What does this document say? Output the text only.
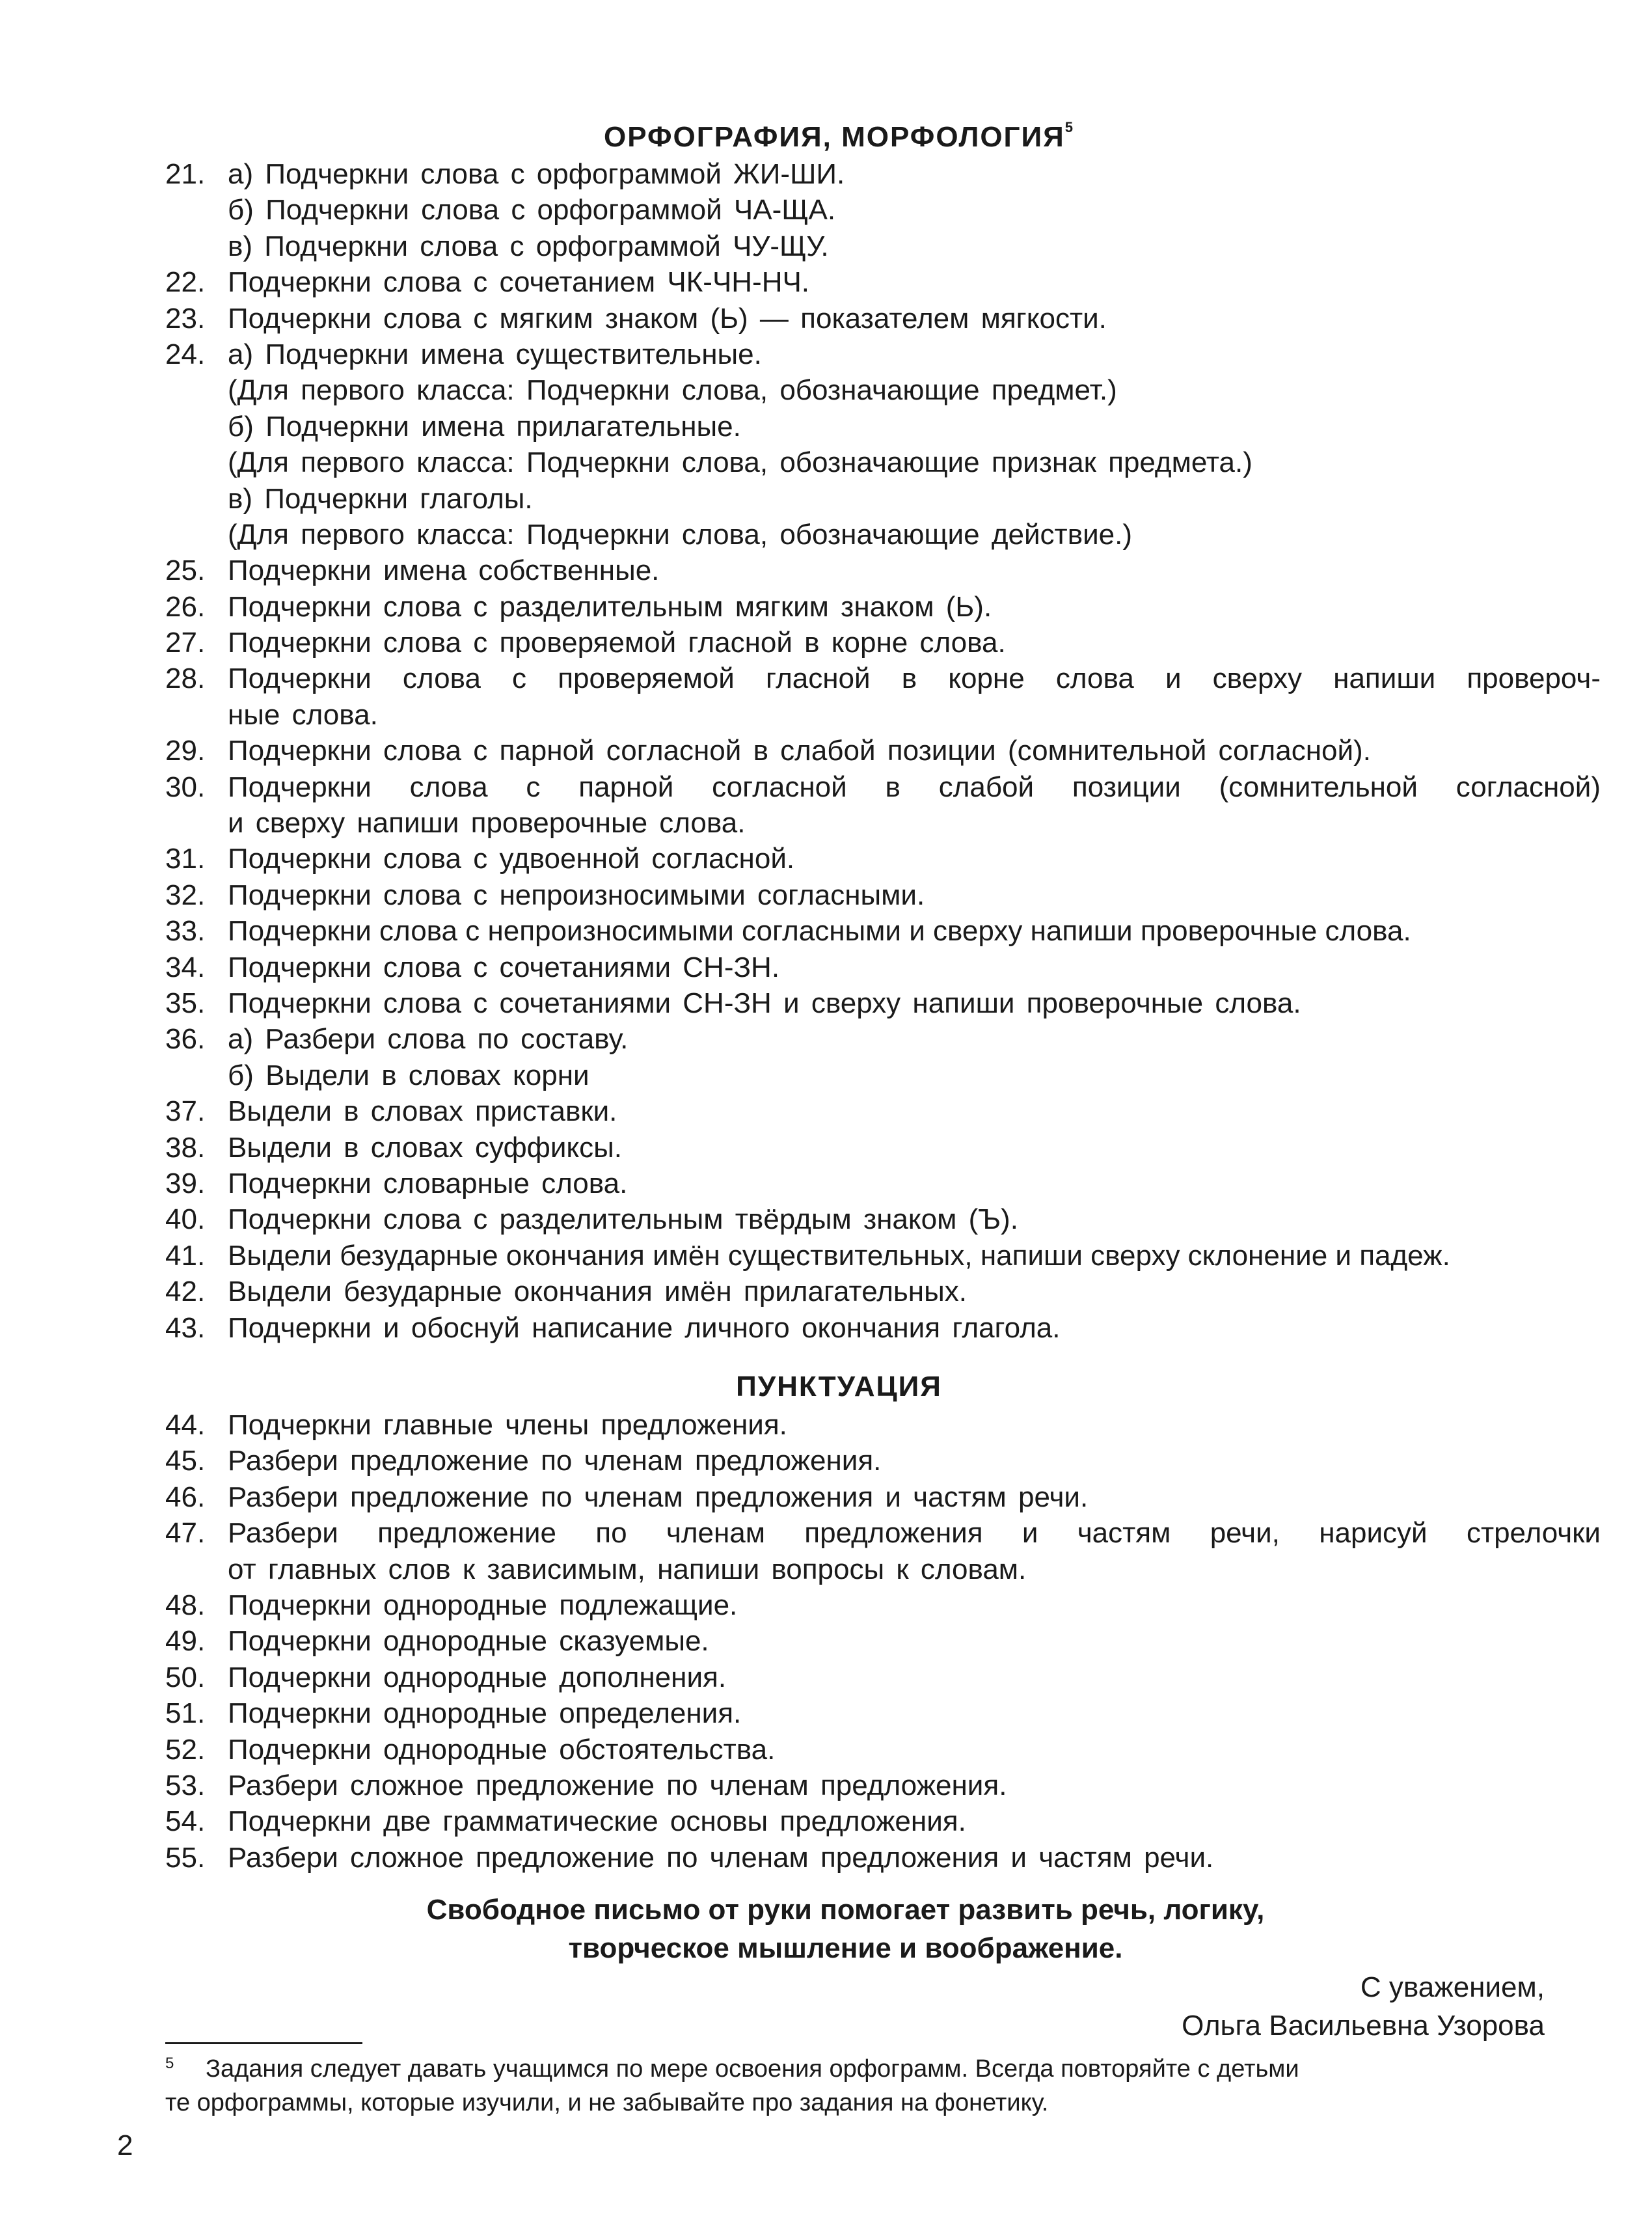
ОРФОГРАФИЯ, МОРФОЛОГИЯ$^5$
21. а) Подчеркни слова с орфограммой ЖИ-ШИ.
б) Подчеркни слова с орфограммой ЧА-ЩА.
в) Подчеркни слова с орфограммой ЧУ-ЩУ.
22. Подчеркни слова с сочетанием ЧК-ЧН-НЧ.
23. Подчеркни слова с мягким знаком (Ь) — показателем мягкости.
24. а) Подчеркни имена существительные.
(Для первого класса: Подчеркни слова, обозначающие предмет.)
б) Подчеркни имена прилагательные.
(Для первого класса: Подчеркни слова, обозначающие признак предмета.)
в) Подчеркни глаголы.
(Для первого класса: Подчеркни слова, обозначающие действие.)
25. Подчеркни имена собственные.
26. Подчеркни слова с разделительным мягким знаком (Ь).
27. Подчеркни слова с проверяемой гласной в корне слова.
28. Подчеркни слова с проверяемой гласной в корне слова и сверху напиши провероч-
ные слова.
29. Подчеркни слова с парной согласной в слабой позиции (сомнительной согласной).
30. Подчеркни слова с парной согласной в слабой позиции (сомнительной согласной)
и сверху напиши проверочные слова.
31. Подчеркни слова с удвоенной согласной.
32. Подчеркни слова с непроизносимыми согласными.
33. Подчеркни слова с непроизносимыми согласными и сверху напиши проверочные слова.
34. Подчеркни слова с сочетаниями СН-ЗН.
35. Подчеркни слова с сочетаниями СН-ЗН и сверху напиши проверочные слова.
36. а) Разбери слова по составу.
б) Выдели в словах корни
37. Выдели в словах приставки.
38. Выдели в словах суффиксы.
39. Подчеркни словарные слова.
40. Подчеркни слова с разделительным твёрдым знаком (Ъ).
41. Выдели безударные окончания имён существительных, напиши сверху склонение и падеж.
42. Выдели безударные окончания имён прилагательных.
43. Подчеркни и обоснуй написание личного окончания глагола.
ПУНКТУАЦИЯ
44. Подчеркни главные члены предложения.
45. Разбери предложение по членам предложения.
46. Разбери предложение по членам предложения и частям речи.
47. Разбери предложение по членам предложения и частям речи, нарисуй стрелочки
от главных слов к зависимым, напиши вопросы к словам.
48. Подчеркни однородные подлежащие.
49. Подчеркни однородные сказуемые.
50. Подчеркни однородные дополнения.
51. Подчеркни однородные определения.
52. Подчеркни однородные обстоятельства.
53. Разбери сложное предложение по членам предложения.
54. Подчеркни две грамматические основы предложения.
55. Разбери сложное предложение по членам предложения и частям речи.
Свободное письмо от руки помогает развить речь, логику,
творческое мышление и воображение.
С уважением,
Ольга Васильевна Узорова
5 Задания следует давать учащимся по мере освоения орфограмм. Всегда повторяйте с детьми
те орфограммы, которые изучили, и не забывайте про задания на фонетику.
2
